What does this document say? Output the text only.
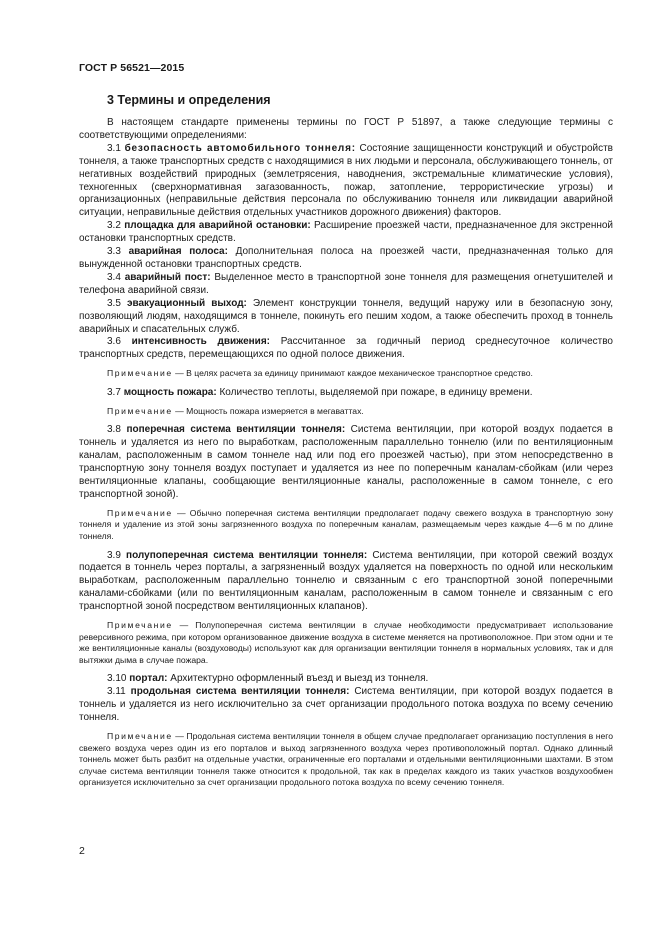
ГОСТ Р 56521—2015
3 Термины и определения

В настоящем стандарте применены термины по ГОСТ Р 51897, а также следующие термины с соответствующими определениями:

3.1 безопасность автомобильного тоннеля: Состояние защищенности конструкций и обустройств тоннеля, а также транспортных средств с находящимися в них людьми и персонала, обслуживающего тоннель, от негативных воздействий природных (землетрясения, наводнения, экстремальные климатические условия), техногенных (сверхнормативная загазованность, пожар, затопление, террористические угрозы) и организационных (неправильные действия персонала по обслуживанию тоннеля или ликвидации аварийной ситуации, неправильные действия отдельных участников дорожного движения) факторов.

3.2 площадка для аварийной остановки: Расширение проезжей части, предназначенное для экстренной остановки транспортных средств.

3.3 аварийная полоса: Дополнительная полоса на проезжей части, предназначенная только для вынужденной остановки транспортных средств.

3.4 аварийный пост: Выделенное место в транспортной зоне тоннеля для размещения огнетушителей и телефона аварийной связи.

3.5 эвакуационный выход: Элемент конструкции тоннеля, ведущий наружу или в безопасную зону, позволяющий людям, находящимся в тоннеле, покинуть его пешим ходом, а также обеспечить проход в тоннель аварийных и спасательных служб.

3.6 интенсивность движения: Рассчитанное за годичный период среднесуточное количество транспортных средств, перемещающихся по одной полосе движения.

Примечание — В целях расчета за единицу принимают каждое механическое транспортное средство.

3.7 мощность пожара: Количество теплоты, выделяемой при пожаре, в единицу времени.

Примечание — Мощность пожара измеряется в мегаваттах.

3.8 поперечная система вентиляции тоннеля: Система вентиляции, при которой воздух подается в тоннель и удаляется из него по выработкам, расположенным параллельно тоннелю (или по вентиляционным каналам, расположенным в самом тоннеле над или под его проезжей частью), при этом непосредственно в транспортную зону тоннеля воздух поступает и удаляется из нее по поперечным каналам-сбойкам (или через вентиляционные клапаны, сообщающие вентиляционные каналы, расположенные в самом тоннеле, с его транспортной зоной).

Примечание — Обычно поперечная система вентиляции предполагает подачу свежего воздуха в транспортную зону тоннеля и удаление из этой зоны загрязненного воздуха по поперечным каналам, размещаемым через каждые 4—6 м по длине тоннеля.

3.9 полупоперечная система вентиляции тоннеля: Система вентиляции, при которой свежий воздух подается в тоннель через порталы, а загрязненный воздух удаляется на поверхность по одной или нескольким выработкам, расположенным параллельно тоннелю и связанным с его транспортной зоной поперечными каналами-сбойками (или по вентиляционным каналам, расположенным в самом тоннеле и связанным с его транспортной зоной посредством вентиляционных клапанов).

Примечание — Полупоперечная система вентиляции в случае необходимости предусматривает использование реверсивного режима, при котором организованное движение воздуха в системе меняется на противоположное. При этом одни и те же вентиляционные каналы (воздуховоды) используют как для организации вентиляции тоннеля в нормальных условиях, так и для вытяжки дыма в случае пожара.

3.10 портал: Архитектурно оформленный въезд и выезд из тоннеля.

3.11 продольная система вентиляции тоннеля: Система вентиляции, при которой воздух подается в тоннель и удаляется из него исключительно за счет организации продольного потока воздуха по всему сечению тоннеля.

Примечание — Продольная система вентиляции тоннеля в общем случае предполагает организацию поступления в него свежего воздуха через один из его порталов и выход загрязненного воздуха через противоположный портал. Однако длинный тоннель может быть разбит на отдельные участки, ограниченные его порталами и отдельными вентиляционными шахтами. В этом случае система вентиляции тоннеля также относится к продольной, так как в пределах каждого из таких участков воздухообмен организуется исключительно за счет организации продольного потока воздуха по всему сечению тоннеля.

2
